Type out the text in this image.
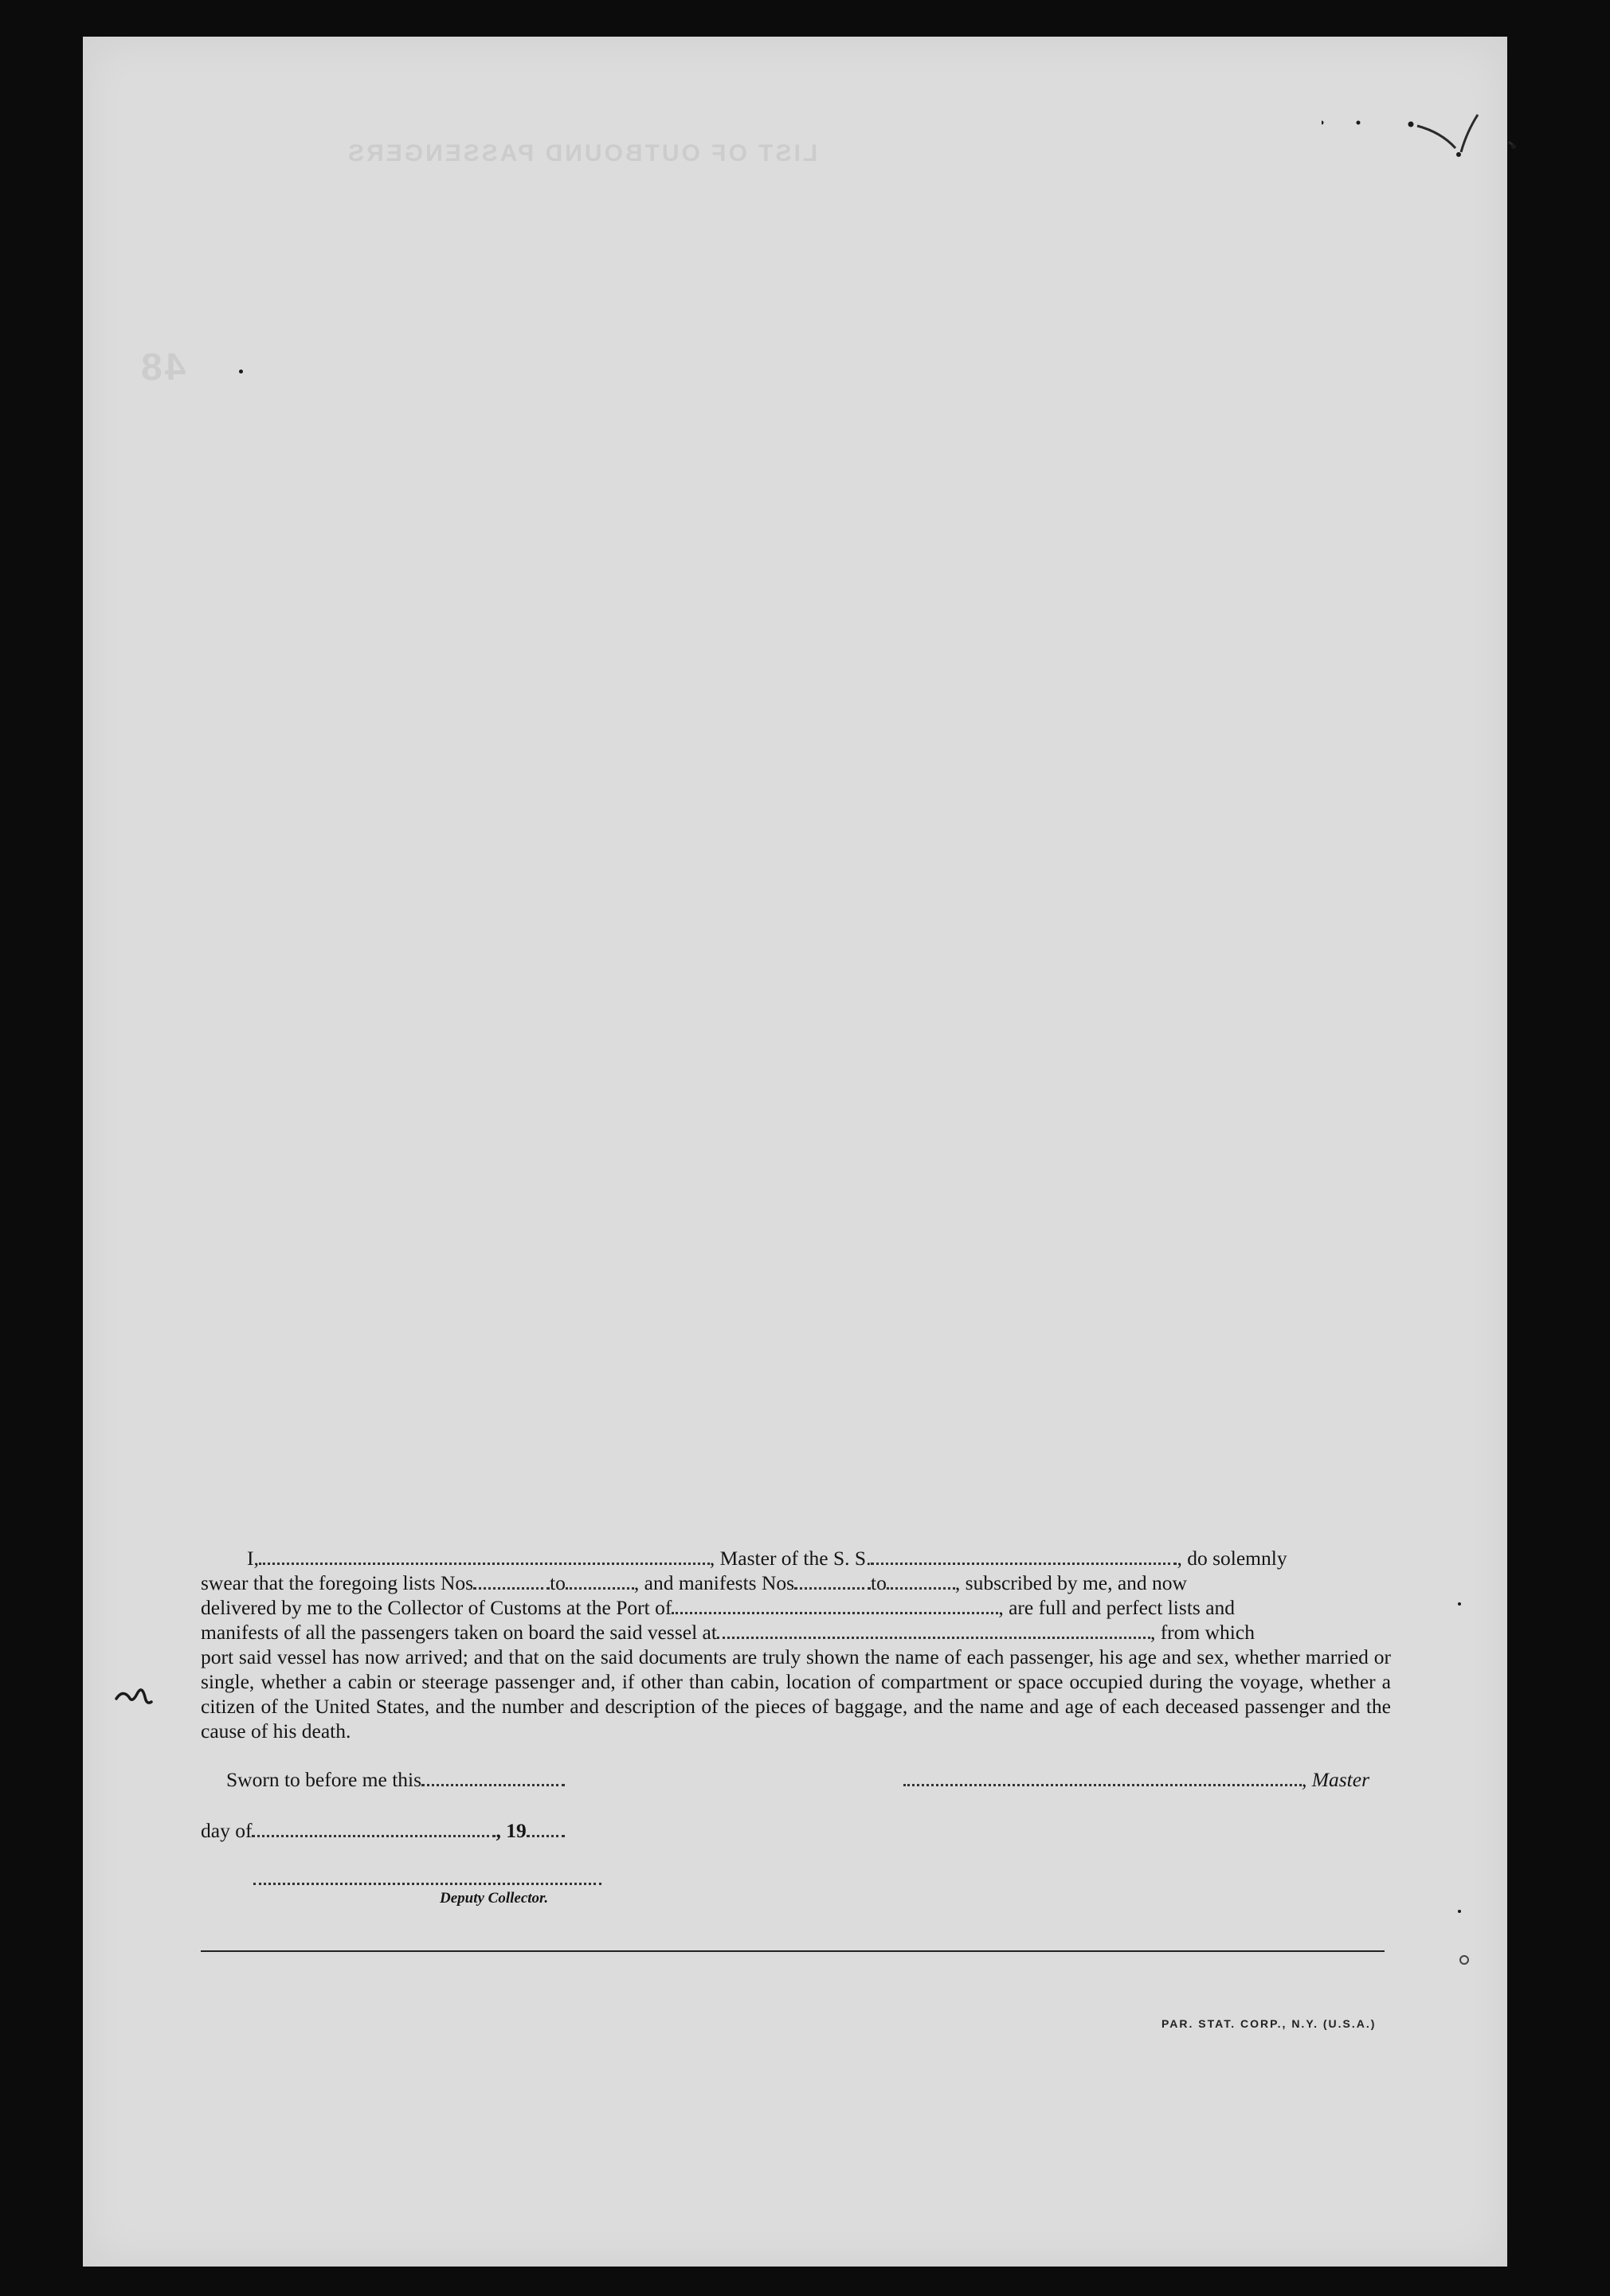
48
LIST OF OUTBOUND PASSENGERS

I,	, Master of the S. S.	, do solemnly

swear that the foregoing lists Nos	to	, and manifests Nos	to	, subscribed by me, and now

delivered by me to the Collector of Customs at the Port of	, are full and perfect lists and

manifests of all the passengers taken on board the said vessel at	, from which

port said vessel has now arrived; and that on the said documents are truly shown the name of each passenger, his age and sex, whether married or single, whether a cabin or steerage passenger and, if other than cabin, location of compartment or space occupied during the voyage, whether a citizen of the United States, and the number and description of the pieces of baggage, and the name and age of each deceased passenger and the cause of his death.

Sworn to before me this	, Master
day of	, 19
Deputy Collector.
PAR. STAT. CORP., N.Y. (U.S.A.)
